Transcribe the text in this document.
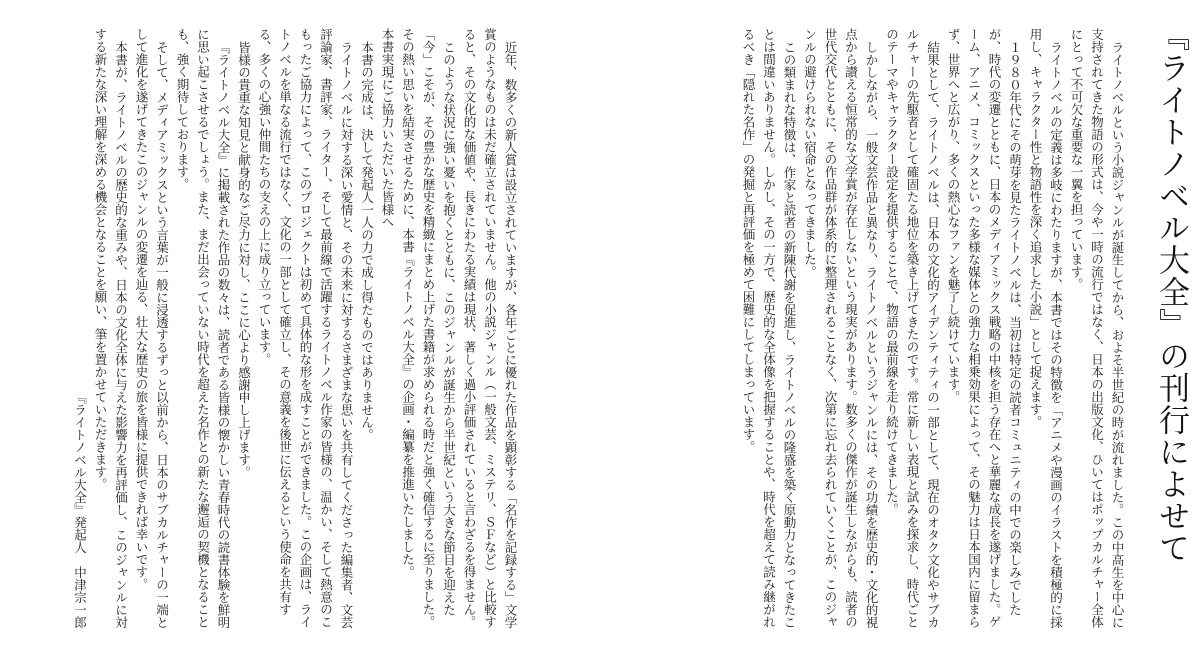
『ライトノベル大全』の刊行によせて

ライトノベルという小説ジャンルが誕生してから、およそ半世紀の時が流れました。この中高生を中心に支持されてきた物語の形式は、今や一時の流行ではなく、日本の出版文化、ひいてはポップカルチャー全体にとって不可欠な重要な一翼を担っています。

ライトノベルの定義は多岐にわたりますが、本書ではその特徴を「アニメや漫画のイラストを積極的に採用し、キャラクター性と物語性を深く追求した小説」として捉えます。

１９８０年代にその萌芽を見たライトノベルは、当初は特定の読者コミュニティの中での楽しみでしたが、時代の変遷とともに、日本のメディアミックス戦略の中核を担う存在へと華麗な成長を遂げました。ゲーム、アニメ、コミックスといった多様な媒体との強力な相乗効果によって、その魅力は日本国内に留まらず、世界へと広がり、多くの熱心なファンを魅了し続けています。

結果として、ライトノベルは、日本の文化的アイデンティティの一部として、現在のオタク文化やサブカルチャーの先駆者として確固たる地位を築き上げてきたのです。常に新しい表現と試みを探求し、時代ごとのテーマやキャラクター設定を提供することで、物語の最前線を走り続けてきました。

しかしながら、一般文芸作品と異なり、ライトノベルというジャンルには、その功績を歴史的・文化的視点から讃える恒常的な文学賞が存在しないという現実があります。数多くの傑作が誕生しながらも、読者の世代交代とともに、その作品群が体系的に整理されることなく、次第に忘れ去られていくことが、このジャンルの避けられない宿命となってきました。

この類まれな特徴は、作家と読者の新陳代謝を促進し、ライトノベルの隆盛を築く原動力となってきたことは間違いありません。しかし、その一方で、歴史的な全体像を把握することや、時代を超えて読み継がれるべき「隠れた名作」の発掘と再評価を極めて困難にしてしまっています。

近年、数多くの新人賞は設立されていますが、各年ごとに優れた作品を顕彰する「名作を記録する」文学賞のようなものは未だ確立されていません。他の小説ジャンル（一般文芸、ミステリ、ＳＦなど）と比較すると、その文化的な価値や、長きにわたる実績は現状、著しく過小評価されていると言わざるを得ません。

このような状況に強い憂いを抱くとともに、このジャンルが誕生から半世紀という大きな節目を迎えた「今」こそが、その豊かな歴史を精緻にまとめ上げた書籍が求められる時だと強く確信するに至りました。その熱い思いを結実させるために、本書『ライトノベル大全』の企画・編纂を推進いたしました。

本書実現にご協力いただいた皆様へ

本書の完成は、決して発起人一人の力で成し得たものではありません。

ライトノベルに対する深い愛情と、その未来に対するさまざまな思いを共有してくださった編集者、文芸評論家、書評家、ライター、そして最前線で活躍するライトノベル作家の皆様の、温かい、そして熱意のこもったご協力によって、このプロジェクトは初めて具体的な形を成すことができました。この企画は、ライトノベルを単なる流行ではなく、文化の一部として確立し、その意義を後世に伝えるという使命を共有する、多くの心強い仲間たちの支えの上に成り立っています。

皆様の貴重な知見と献身的なご尽力に対し、ここに心より感謝申し上げます。

『ライトノベル大全』に掲載された作品の数々は、読者である皆様の懐かしい青春時代の読書体験を鮮明に思い起こさせるでしょう。また、まだ出会っていない時代を超えた名作との新たな邂逅の契機となることも、強く期待しております。

そして、メディアミックスという言葉が一般に浸透するずっと以前から、日本のサブカルチャーの一端として進化を遂げてきたこのジャンルの変遷を辿る、壮大な歴史の旅を皆様に提供できれば幸いです。

本書が、ライトノベルの歴史的な重みや、日本の文化全体に与えた影響力を再評価し、このジャンルに対する新たな深い理解を深める機会となることを願い、筆を置かせていただきます。

『ライトノベル大全』発起人　中津宗一郎
